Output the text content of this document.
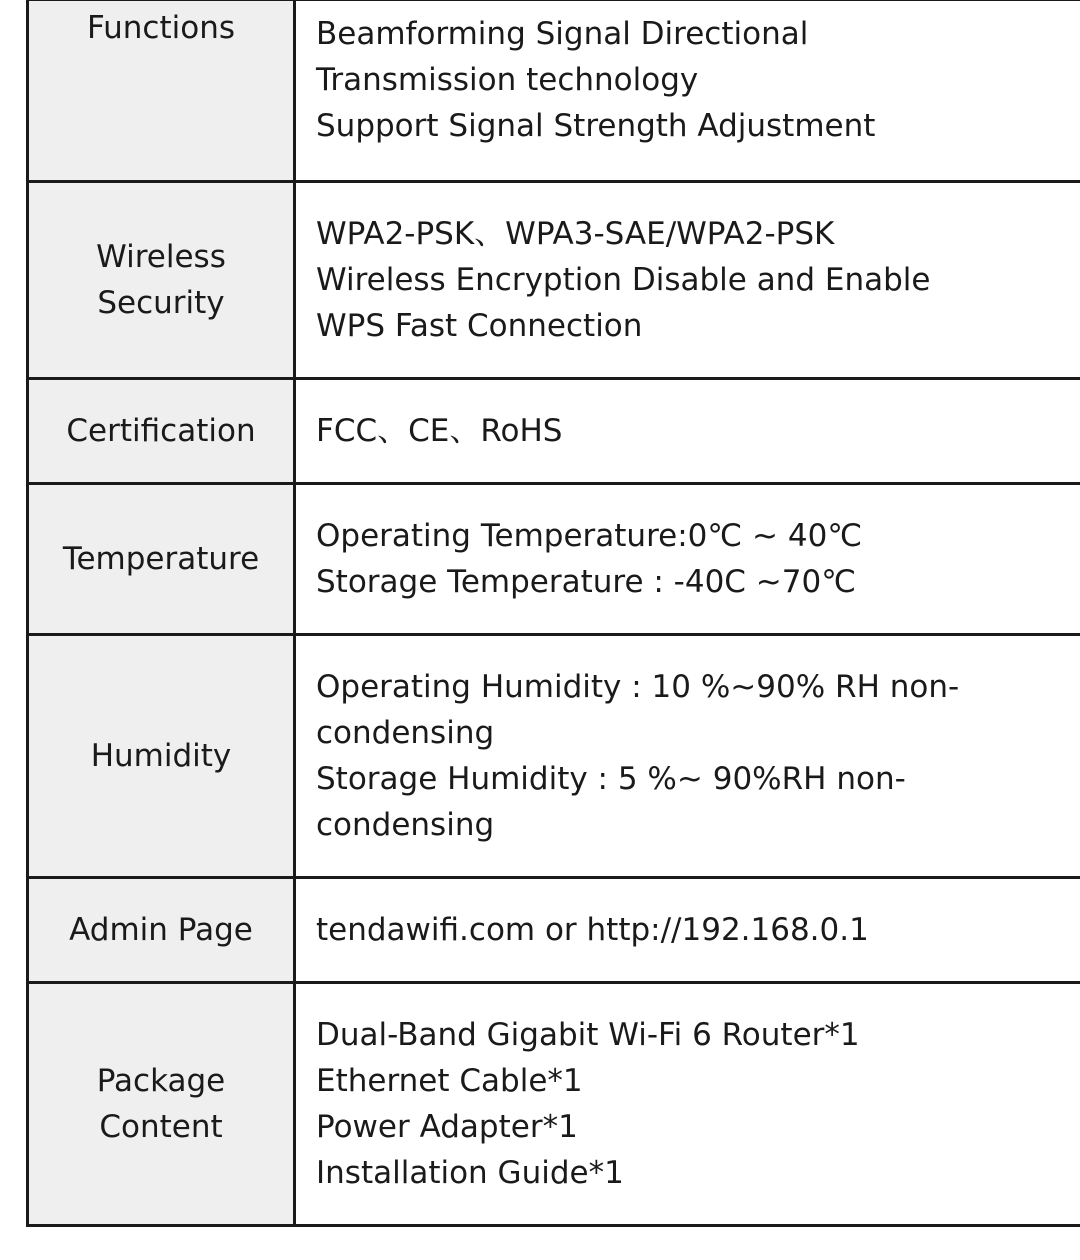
Functions	Beamforming Signal Directional
Transmission technology
Support Signal Strength Adjustment

Wireless
Security	WPA2-PSK、WPA3-SAE/WPA2-PSK
Wireless Encryption Disable and Enable
WPS Fast Connection

Certification	FCC、CE、RoHS

Temperature	Operating Temperature:0℃ ~ 40℃
Storage Temperature : -40C ~70℃

Humidity	Operating Humidity : 10 %~90% RH non-
condensing
Storage Humidity : 5 %~ 90%RH non-
condensing

Admin Page	tendawifi.com or http://192.168.0.1

Package
Content	Dual-Band Gigabit Wi-Fi 6 Router*1
Ethernet Cable*1
Power Adapter*1
Installation Guide*1
